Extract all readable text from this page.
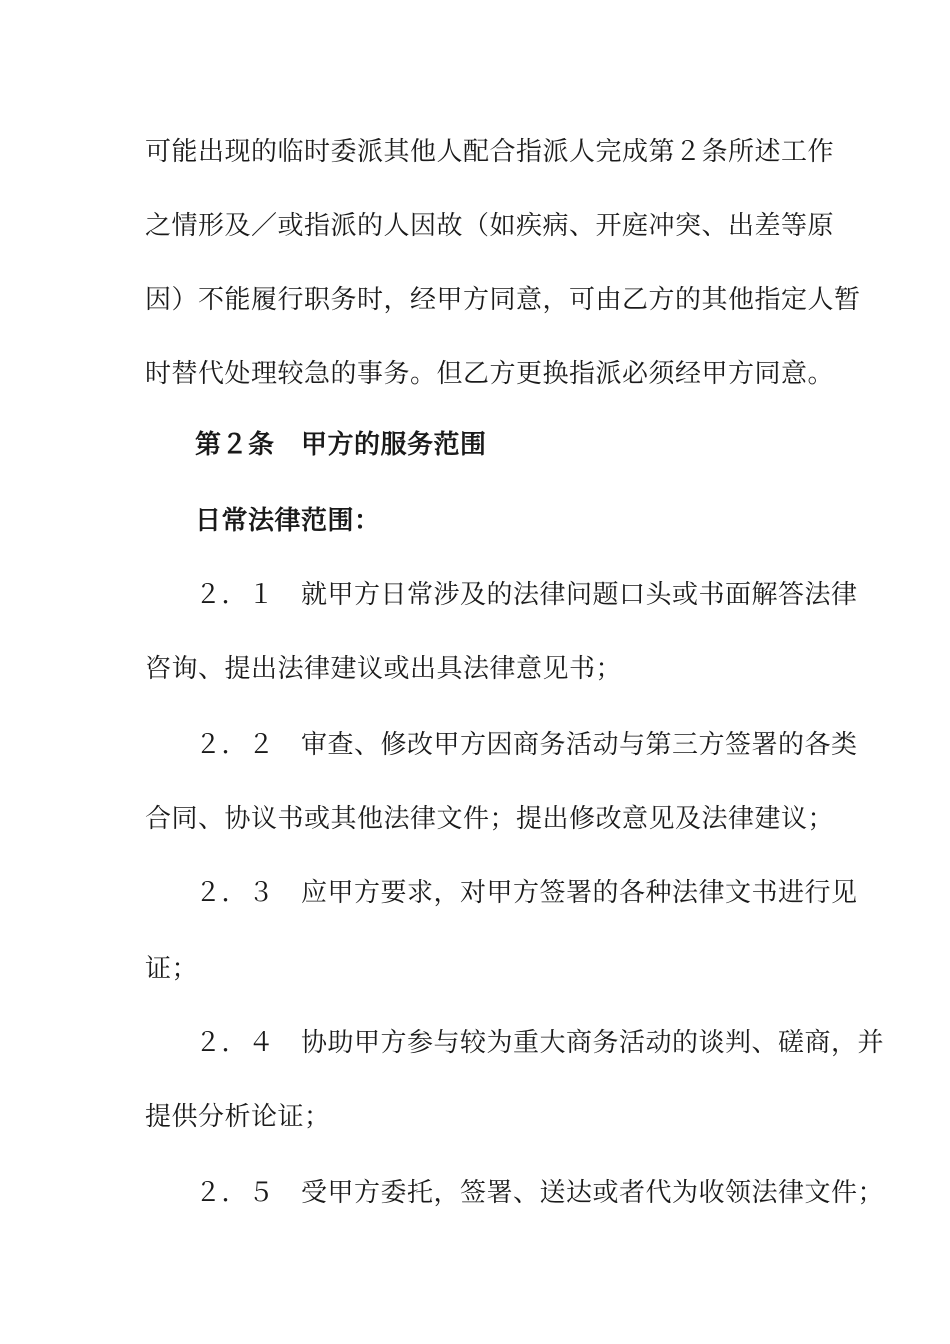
可能出现的临时委派其他人配合指派人完成第２条所述工作
之情形及／或指派的人因故（如疾病、开庭冲突、出差等原
因）不能履行职务时，经甲方同意，可由乙方的其他指定人暂
时替代处理较急的事务。但乙方更换指派必须经甲方同意。
第２条　甲方的服务范围
日常法律范围：
２．１　就甲方日常涉及的法律问题口头或书面解答法律
咨询、提出法律建议或出具法律意见书；
２．２　审查、修改甲方因商务活动与第三方签署的各类
合同、协议书或其他法律文件；提出修改意见及法律建议；
２．３　应甲方要求，对甲方签署的各种法律文书进行见
证；
２．４　协助甲方参与较为重大商务活动的谈判、磋商，并
提供分析论证；
２．５　受甲方委托，签署、送达或者代为收领法律文件；
